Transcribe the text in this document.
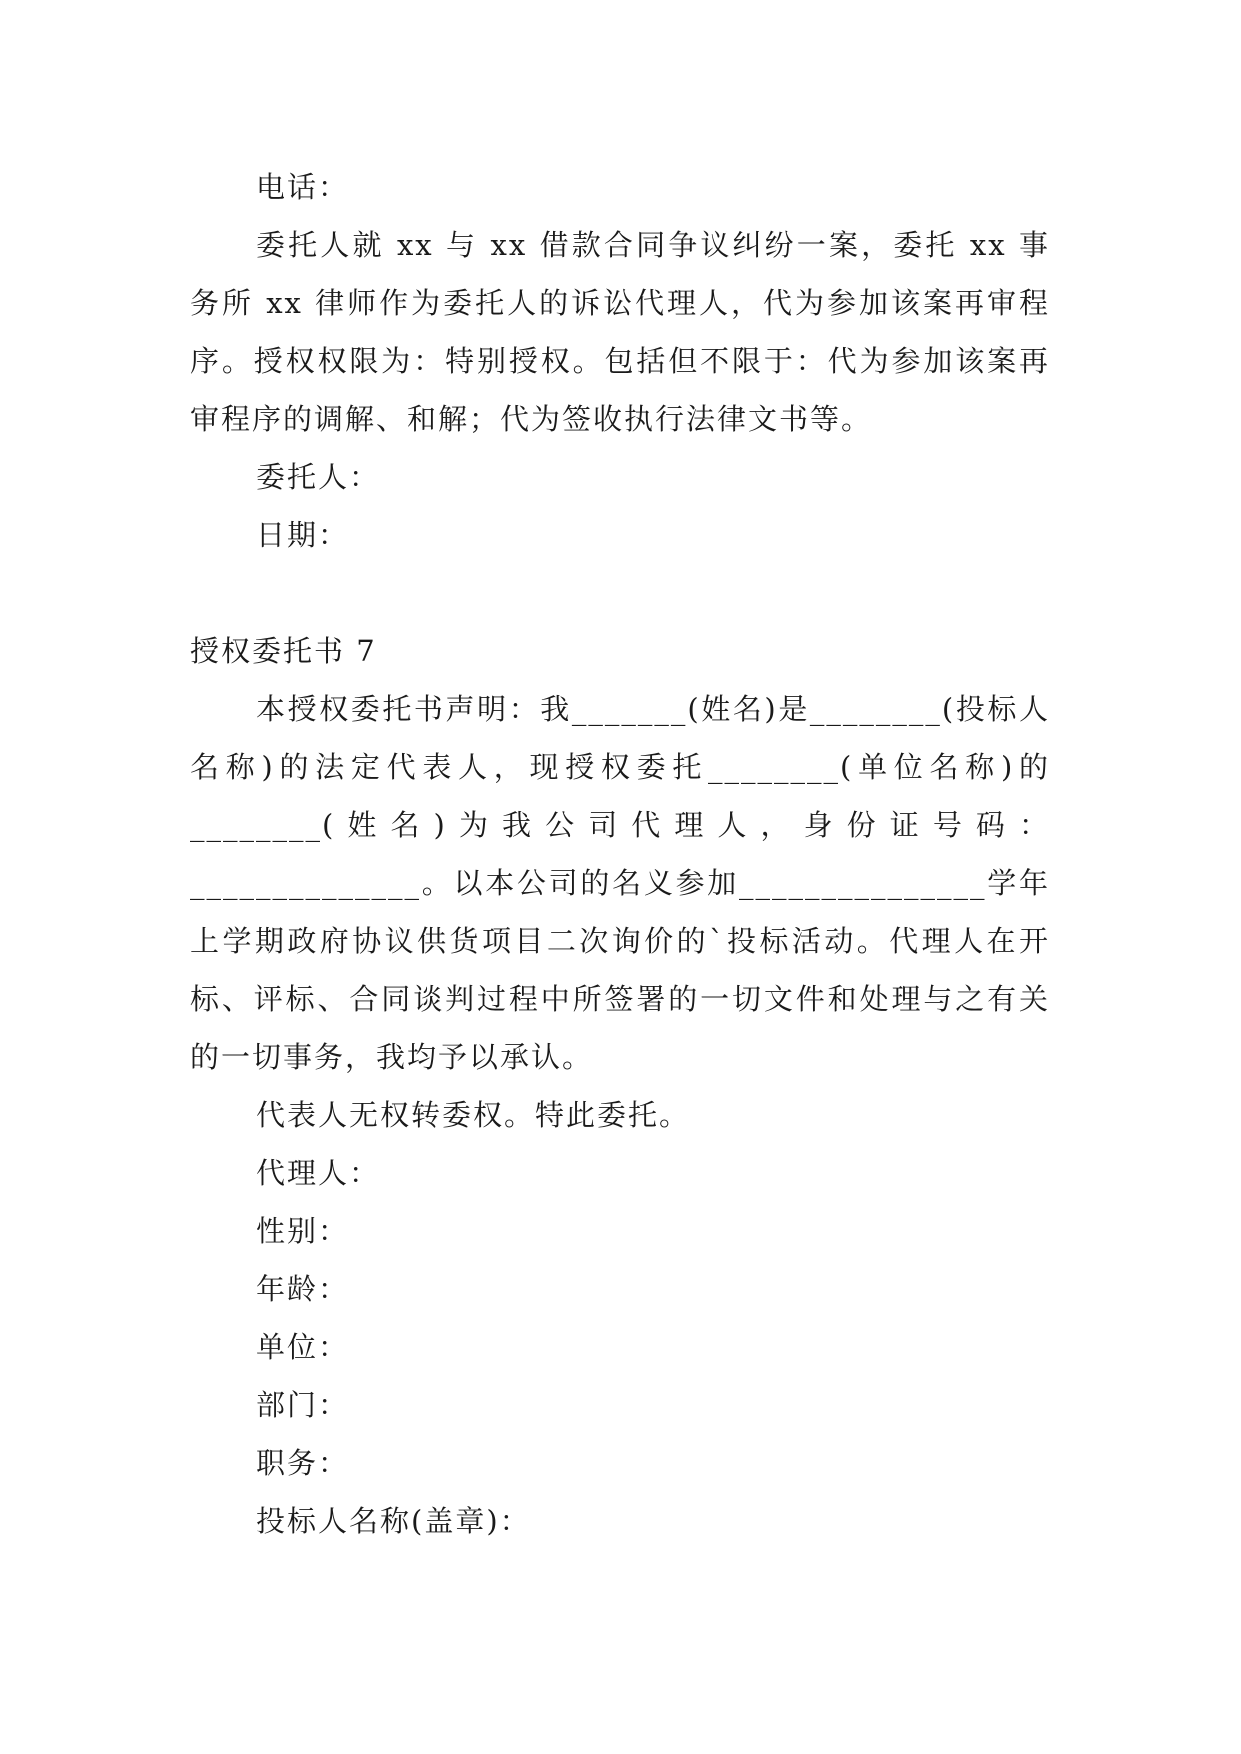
电话：
委托人就 xx 与 xx 借款合同争议纠纷一案，委托 xx 事务所 xx 律师作为委托人的诉讼代理人，代为参加该案再审程序。授权权限为：特别授权。包括但不限于：代为参加该案再审程序的调解、和解；代为签收执行法律文书等。
委托人：
日期：
授权委托书 7
本授权委托书声明：我_______(姓名)是________(投标人名称)的法定代表人，现授权委托________(单位名称)的________(姓名)为我公司代理人，身份证号码：______________。以本公司的名义参加_______________学年上学期政府协议供货项目二次询价的`投标活动。代理人在开标、评标、合同谈判过程中所签署的一切文件和处理与之有关的一切事务，我均予以承认。
代表人无权转委权。特此委托。
代理人：
性别：
年龄：
单位：
部门：
职务：
投标人名称(盖章)：
